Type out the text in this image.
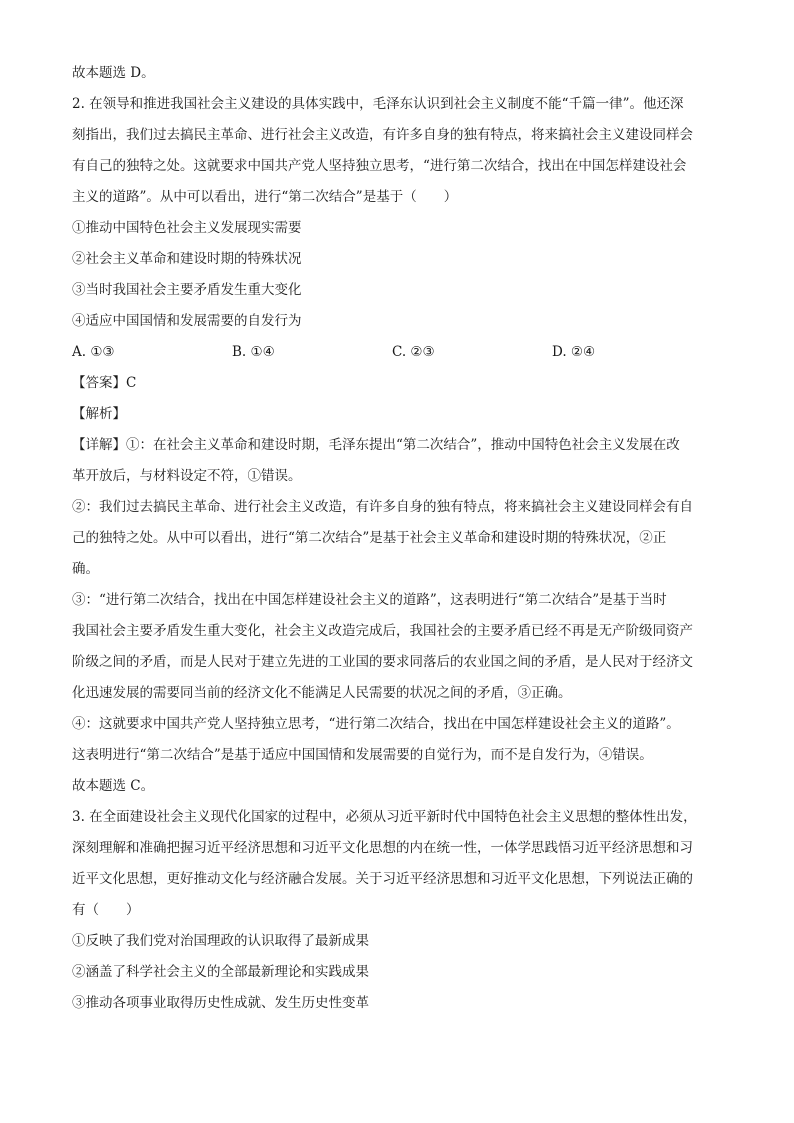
故本题选 D。
2. 在领导和推进我国社会主义建设的具体实践中，毛泽东认识到社会主义制度不能“千篇一律”。他还深
刻指出，我们过去搞民主革命、进行社会主义改造，有许多自身的独有特点，将来搞社会主义建设同样会
有自己的独特之处。这就要求中国共产党人坚持独立思考，“进行第二次结合，找出在中国怎样建设社会
主义的道路”。从中可以看出，进行“第二次结合”是基于（　　）
①推动中国特色社会主义发展现实需要
②社会主义革命和建设时期的特殊状况
③当时我国社会主要矛盾发生重大变化
④适应中国国情和发展需要的自发行为
A. ①③	B. ①④	C. ②③	D. ②④
【答案】C
【解析】
【详解】①：在社会主义革命和建设时期，毛泽东提出“第二次结合”，推动中国特色社会主义发展在改
革开放后，与材料设定不符，①错误。
②：我们过去搞民主革命、进行社会主义改造，有许多自身的独有特点，将来搞社会主义建设同样会有自
己的独特之处。从中可以看出，进行“第二次结合”是基于社会主义革命和建设时期的特殊状况，②正
确。
③：“进行第二次结合，找出在中国怎样建设社会主义的道路”，这表明进行“第二次结合”是基于当时
我国社会主要矛盾发生重大变化，社会主义改造完成后，我国社会的主要矛盾已经不再是无产阶级同资产
阶级之间的矛盾，而是人民对于建立先进的工业国的要求同落后的农业国之间的矛盾，是人民对于经济文
化迅速发展的需要同当前的经济文化不能满足人民需要的状况之间的矛盾，③正确。
④：这就要求中国共产党人坚持独立思考，“进行第二次结合，找出在中国怎样建设社会主义的道路”。
这表明进行“第二次结合”是基于适应中国国情和发展需要的自觉行为，而不是自发行为，④错误。
故本题选 C。
3. 在全面建设社会主义现代化国家的过程中，必须从习近平新时代中国特色社会主义思想的整体性出发，
深刻理解和准确把握习近平经济思想和习近平文化思想的内在统一性，一体学思践悟习近平经济思想和习
近平文化思想，更好推动文化与经济融合发展。关于习近平经济思想和习近平文化思想，下列说法正确的
有（　　）
①反映了我们党对治国理政的认识取得了最新成果
②涵盖了科学社会主义的全部最新理论和实践成果
③推动各项事业取得历史性成就、发生历史性变革
